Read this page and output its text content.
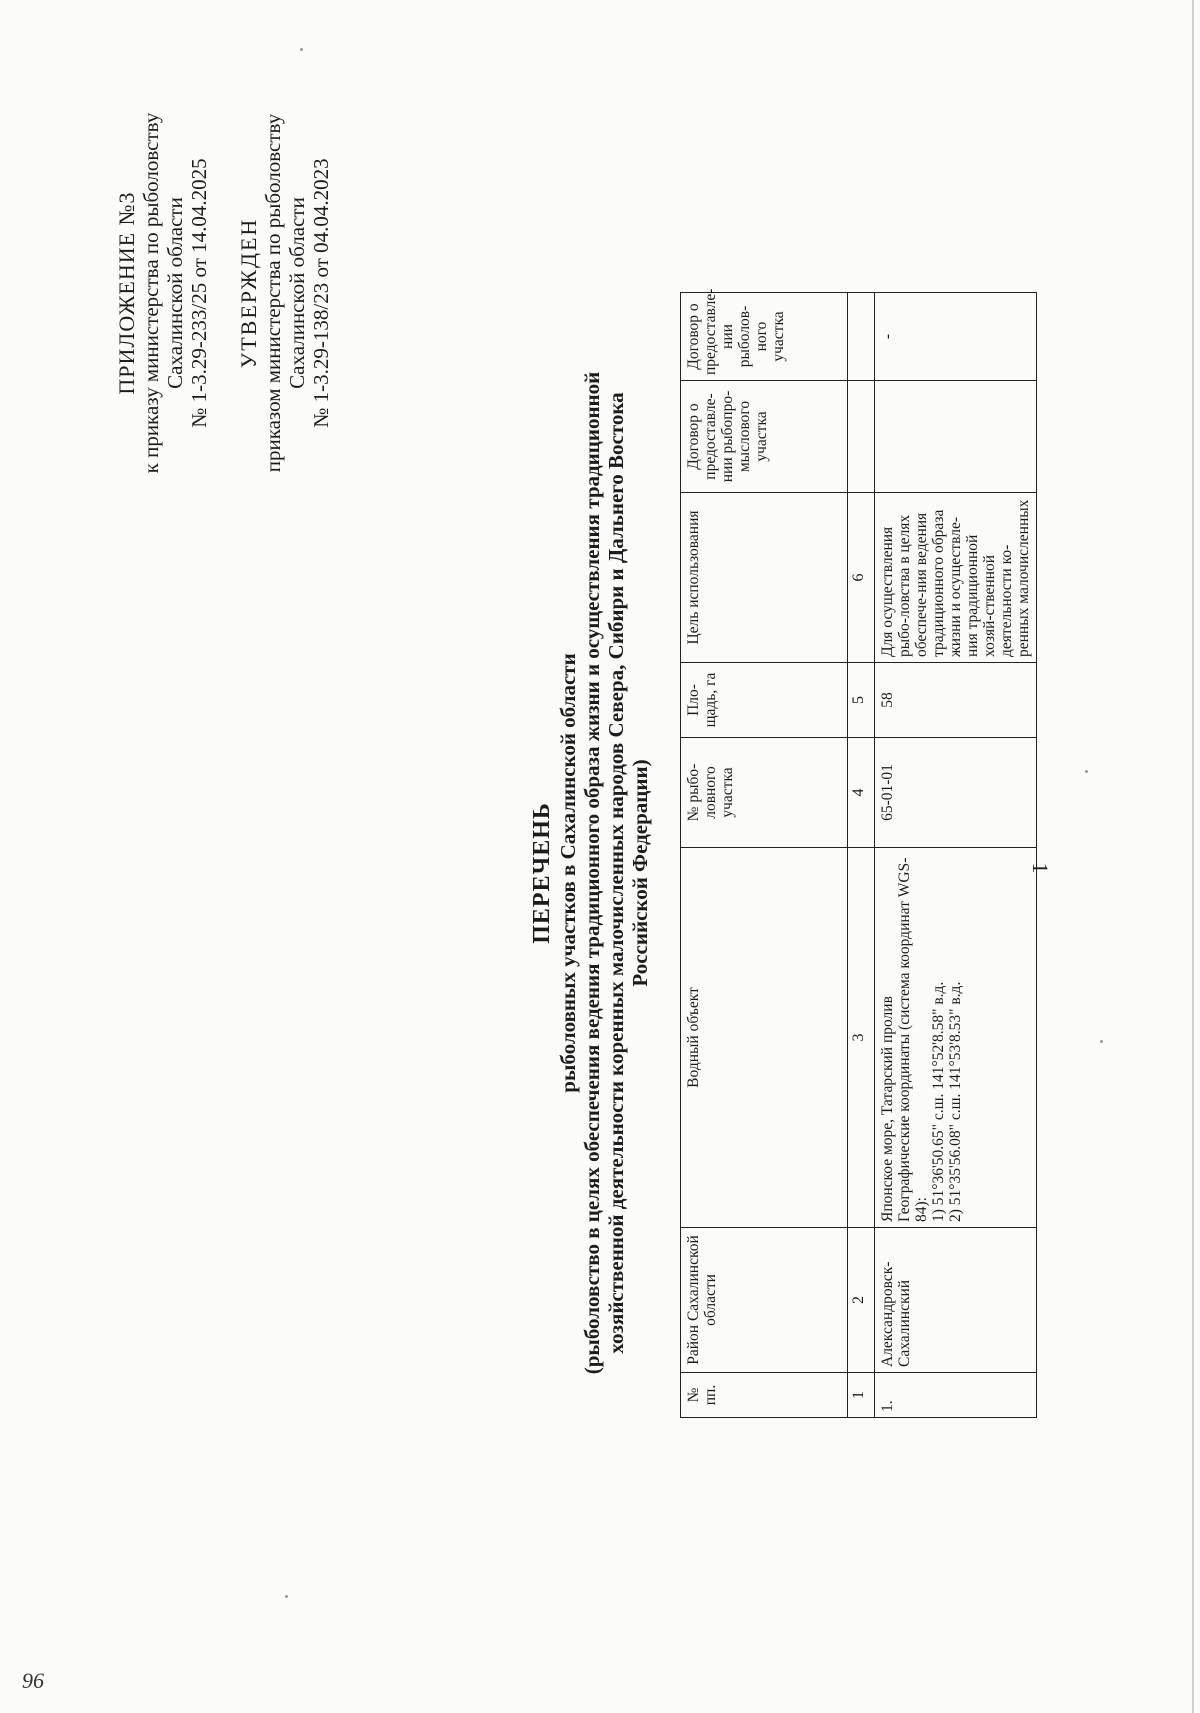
1
96
ПРИЛОЖЕНИЕ №3 к приказу министерства по рыболовству Сахалинской области № 1-3.29-233/25 от 14.04.2025 УТВЕРЖДЕН приказом министерства по рыболовству Сахалинской области № 1-3.29-138/23 от 04.04.2023
ПЕРЕЧЕНЬ рыболовных участков в Сахалинской области (рыболовство в целях обеспечения ведения традиционного образа жизни и осуществления традиционной хозяйственной деятельности коренных малочисленных народов Севера, Сибири и Дальнего Востока Российской Федерации)
№ пп.	Район Сахалинской области	Водный объект	№ рыбо-ловного участка	Пло-щадь, га	Цель использования	Договор о предоставле-нии рыбопро-мыслового участка	Договор о предоставле-нии рыболов-ного участка
1	2	3	4	5	6		
1.	Александровск-Сахалинский	Японское море, Татарский пролив Географические координаты (система координат WGS-84): 1) 51°36'50.65" с.ш. 141°52'8.58" в.д. 2) 51°35'56.08" с.ш. 141°53'8.53" в.д.	65-01-01	58	Для осуществления рыбо-ловства в целях обеспече-ния ведения традиционного образа жизни и осуществле-ния традиционной хозяй-ственной деятельности ко-ренных малочисленных		-
